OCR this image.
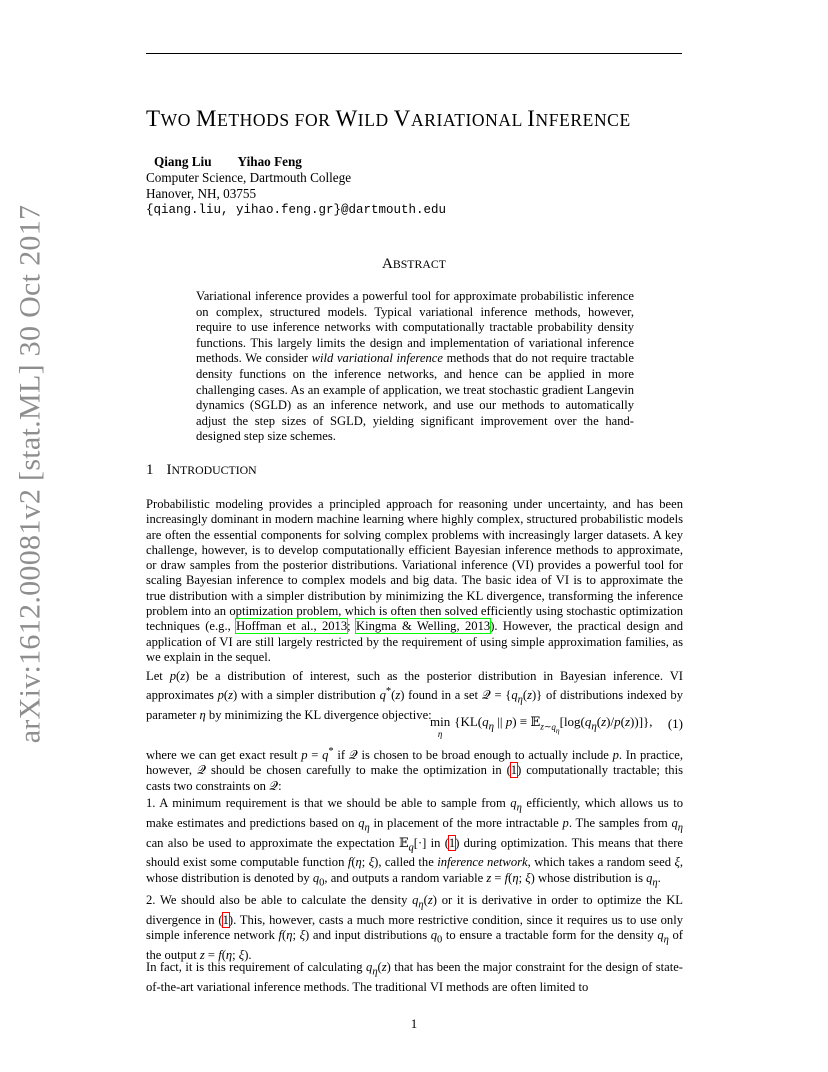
arXiv:1612.00081v2 [stat.ML] 30 Oct 2017
TWO METHODS FOR WILD VARIATIONAL INFERENCE
Qiang Liu Yihao Feng
Computer Science, Dartmouth College
Hanover, NH, 03755
{qiang.liu, yihao.feng.gr}@dartmouth.edu
ABSTRACT
Variational inference provides a powerful tool for approximate probabilistic inference on complex, structured models. Typical variational inference methods, however, require to use inference networks with computationally tractable probability density functions. This largely limits the design and implementation of variational inference methods. We consider wild variational inference methods that do not require tractable density functions on the inference networks, and hence can be applied in more challenging cases. As an example of application, we treat stochastic gradient Langevin dynamics (SGLD) as an inference network, and use our methods to automatically adjust the step sizes of SGLD, yielding significant improvement over the hand-designed step size schemes.
1 INTRODUCTION
Probabilistic modeling provides a principled approach for reasoning under uncertainty, and has been increasingly dominant in modern machine learning where highly complex, structured probabilistic models are often the essential components for solving complex problems with increasingly larger datasets. A key challenge, however, is to develop computationally efficient Bayesian inference methods to approximate, or draw samples from the posterior distributions. Variational inference (VI) provides a powerful tool for scaling Bayesian inference to complex models and big data. The basic idea of VI is to approximate the true distribution with a simpler distribution by minimizing the KL divergence, transforming the inference problem into an optimization problem, which is often then solved efficiently using stochastic optimization techniques (e.g., Hoffman et al., 2013; Kingma & Welling, 2013). However, the practical design and application of VI are still largely restricted by the requirement of using simple approximation families, as we explain in the sequel.
Let p(z) be a distribution of interest, such as the posterior distribution in Bayesian inference. VI approximates p(z) with a simpler distribution q*(z) found in a set 𝒬 = $\{q_\eta(z)\}$ of distributions indexed by parameter η by minimizing the KL divergence objective:
min
η
{$KL(q_\eta$ || $p) \equiv 𝔼_{z\sim q_\eta}[\log(q_\eta(z)/p(z))]$}, (1)
where we can get exact result p = q* if 𝒬 is chosen to be broad enough to actually include p. In practice, however, 𝒬 should be chosen carefully to make the optimization in (1) computationally tractable; this casts two constraints on 𝒬:
1. A minimum requirement is that we should be able to sample from $q_\eta$ efficiently, which allows us to make estimates and predictions based on $q_\eta$ in placement of the more intractable p. The samples from $q_\eta$ can also be used to approximate the expectation 𝔼$_q$[·] in (1) during optimization. This means that there should exist some computable function f(η; ξ), called the inference network, which takes a random seed ξ, whose distribution is denoted by $q_0$, and outputs a random variable z = f(η; ξ) whose distribution is $q_\eta$.
2. We should also be able to calculate the density $q_\eta(z)$ or it is derivative in order to optimize the KL divergence in (1). This, however, casts a much more restrictive condition, since it requires us to use only simple inference network f(η; ξ) and input distributions $q_0$ to ensure a tractable form for the density $q_\eta$ of the output z = f(η; ξ).
In fact, it is this requirement of calculating $q_\eta(z)$ that has been the major constraint for the design of state-of-the-art variational inference methods. The traditional VI methods are often limited to
1
